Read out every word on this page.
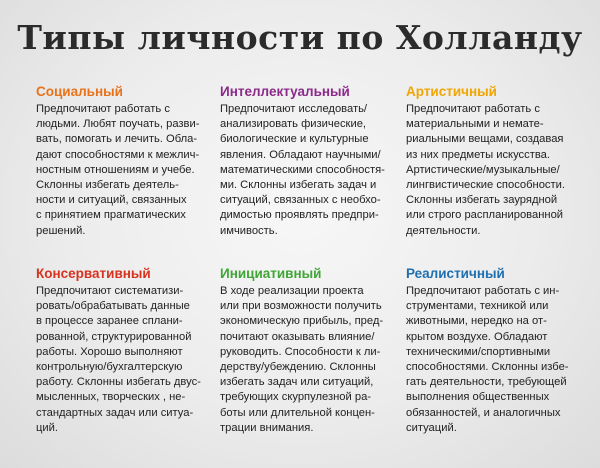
Типы личности по Холланду
Социальный

Предпочитают работать с
людьми. Любят поучать, разви-
вать, помогать и лечить. Обла-
дают способностями к межлич-
ностным отношениям и учебе.
Склонны избегать деятель-
ности и ситуаций, связанных
с принятием прагматических
решений.

Интеллектуальный

Предпочитают исследовать/
анализировать физические,
биологические и культурные
явления. Обладают научными/
математическими способностя-
ми. Склонны избегать задач и
ситуаций, связанных с необхо-
димостью проявлять предпри-
имчивость.

Артистичный

Предпочитают работать с
материальными и немате-
риальными вещами, создавая
из них предметы искусства.
Артистические/музыкальные/
лингвистические способности.
Склонны избегать заурядной
или строго распланированной
деятельности.

Консервативный

Предпочитают систематизи-
ровать/обрабатывать данные
в процессе заранее сплани-
рованной, структурированной
работы. Хорошо выполняют
контрольную/бухгалтерскую
работу. Склонны избегать двус-
мысленных, творческих , не-
стандартных задач или ситуа-
ций.

Инициативный

В ходе реализации проекта
или при возможности получить
экономическую прибыль, пред-
почитают оказывать влияние/
руководить. Способности к ли-
дерству/убеждению. Склонны
избегать задач или ситуаций,
требующих скурпулезной ра-
боты или длительной концен-
трации внимания.

Реалистичный

Предпочитают работать с ин-
струментами, техникой или
животными, нередко на от-
крытом воздухе. Обладают
техническими/спортивными
способностями. Склонны избе-
гать деятельности, требующей
выполнения общественных
обязанностей, и аналогичных
ситуаций.
